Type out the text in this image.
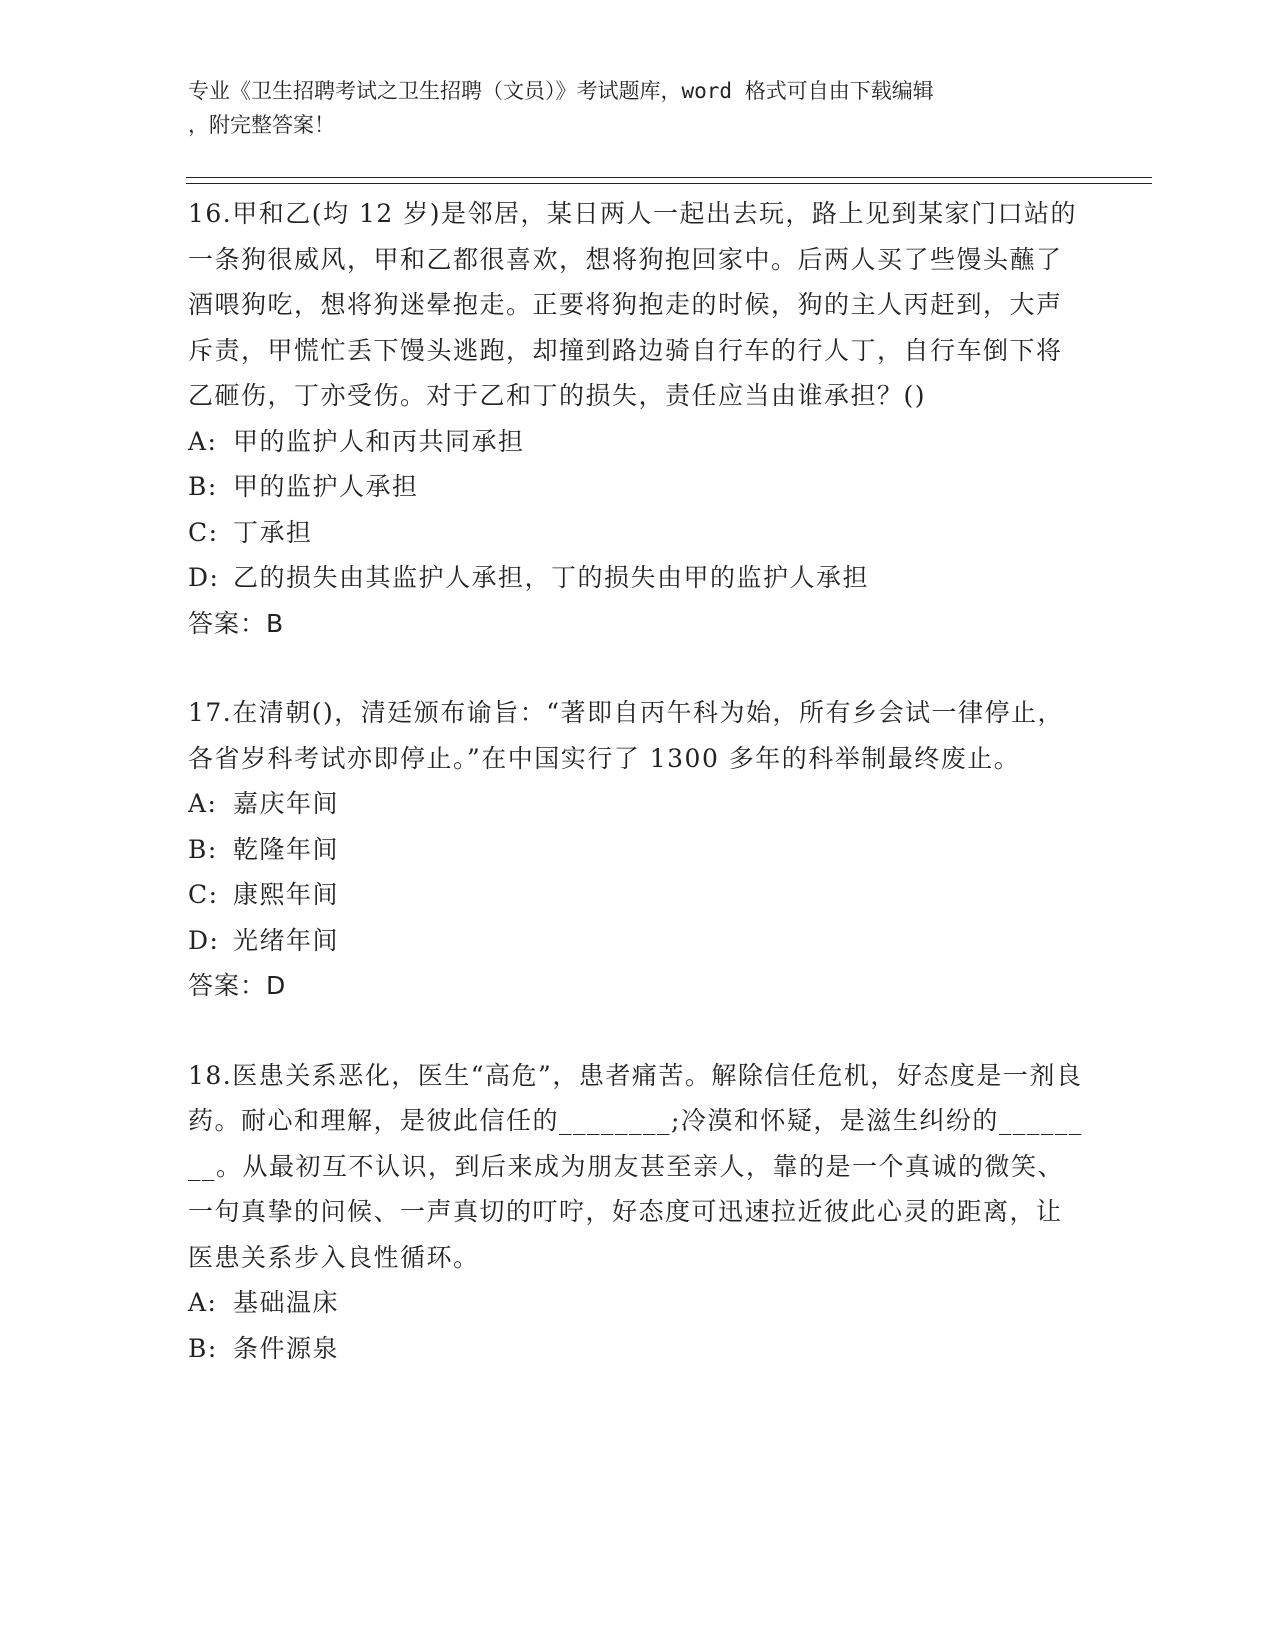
专业《卫生招聘考试之卫生招聘（文员）》考试题库，word 格式可自由下载编辑
，附完整答案！
16.甲和乙(均 12 岁)是邻居，某日两人一起出去玩，路上见到某家门口站的一条狗很威风，甲和乙都很喜欢，想将狗抱回家中。后两人买了些馒头蘸了酒喂狗吃，想将狗迷晕抱走。正要将狗抱走的时候，狗的主人丙赶到，大声斥责，甲慌忙丢下馒头逃跑，却撞到路边骑自行车的行人丁，自行车倒下将乙砸伤，丁亦受伤。对于乙和丁的损失，责任应当由谁承担？()
A: 甲的监护人和丙共同承担
B: 甲的监护人承担
C: 丁承担
D: 乙的损失由其监护人承担，丁的损失由甲的监护人承担
答案：B
17.在清朝()，清廷颁布谕旨：“著即自丙午科为始，所有乡会试一律停止，各省岁科考试亦即停止。”在中国实行了 1300 多年的科举制最终废止。
A: 嘉庆年间
B: 乾隆年间
C: 康熙年间
D: 光绪年间
答案：D
18.医患关系恶化，医生“高危”，患者痛苦。解除信任危机，好态度是一剂良药。耐心和理解，是彼此信任的________;冷漠和怀疑，是滋生纠纷的________。从最初互不认识，到后来成为朋友甚至亲人，靠的是一个真诚的微笑、一句真挚的问候、一声真切的叮咛，好态度可迅速拉近彼此心灵的距离，让医患关系步入良性循环。
A: 基础温床
B: 条件源泉
